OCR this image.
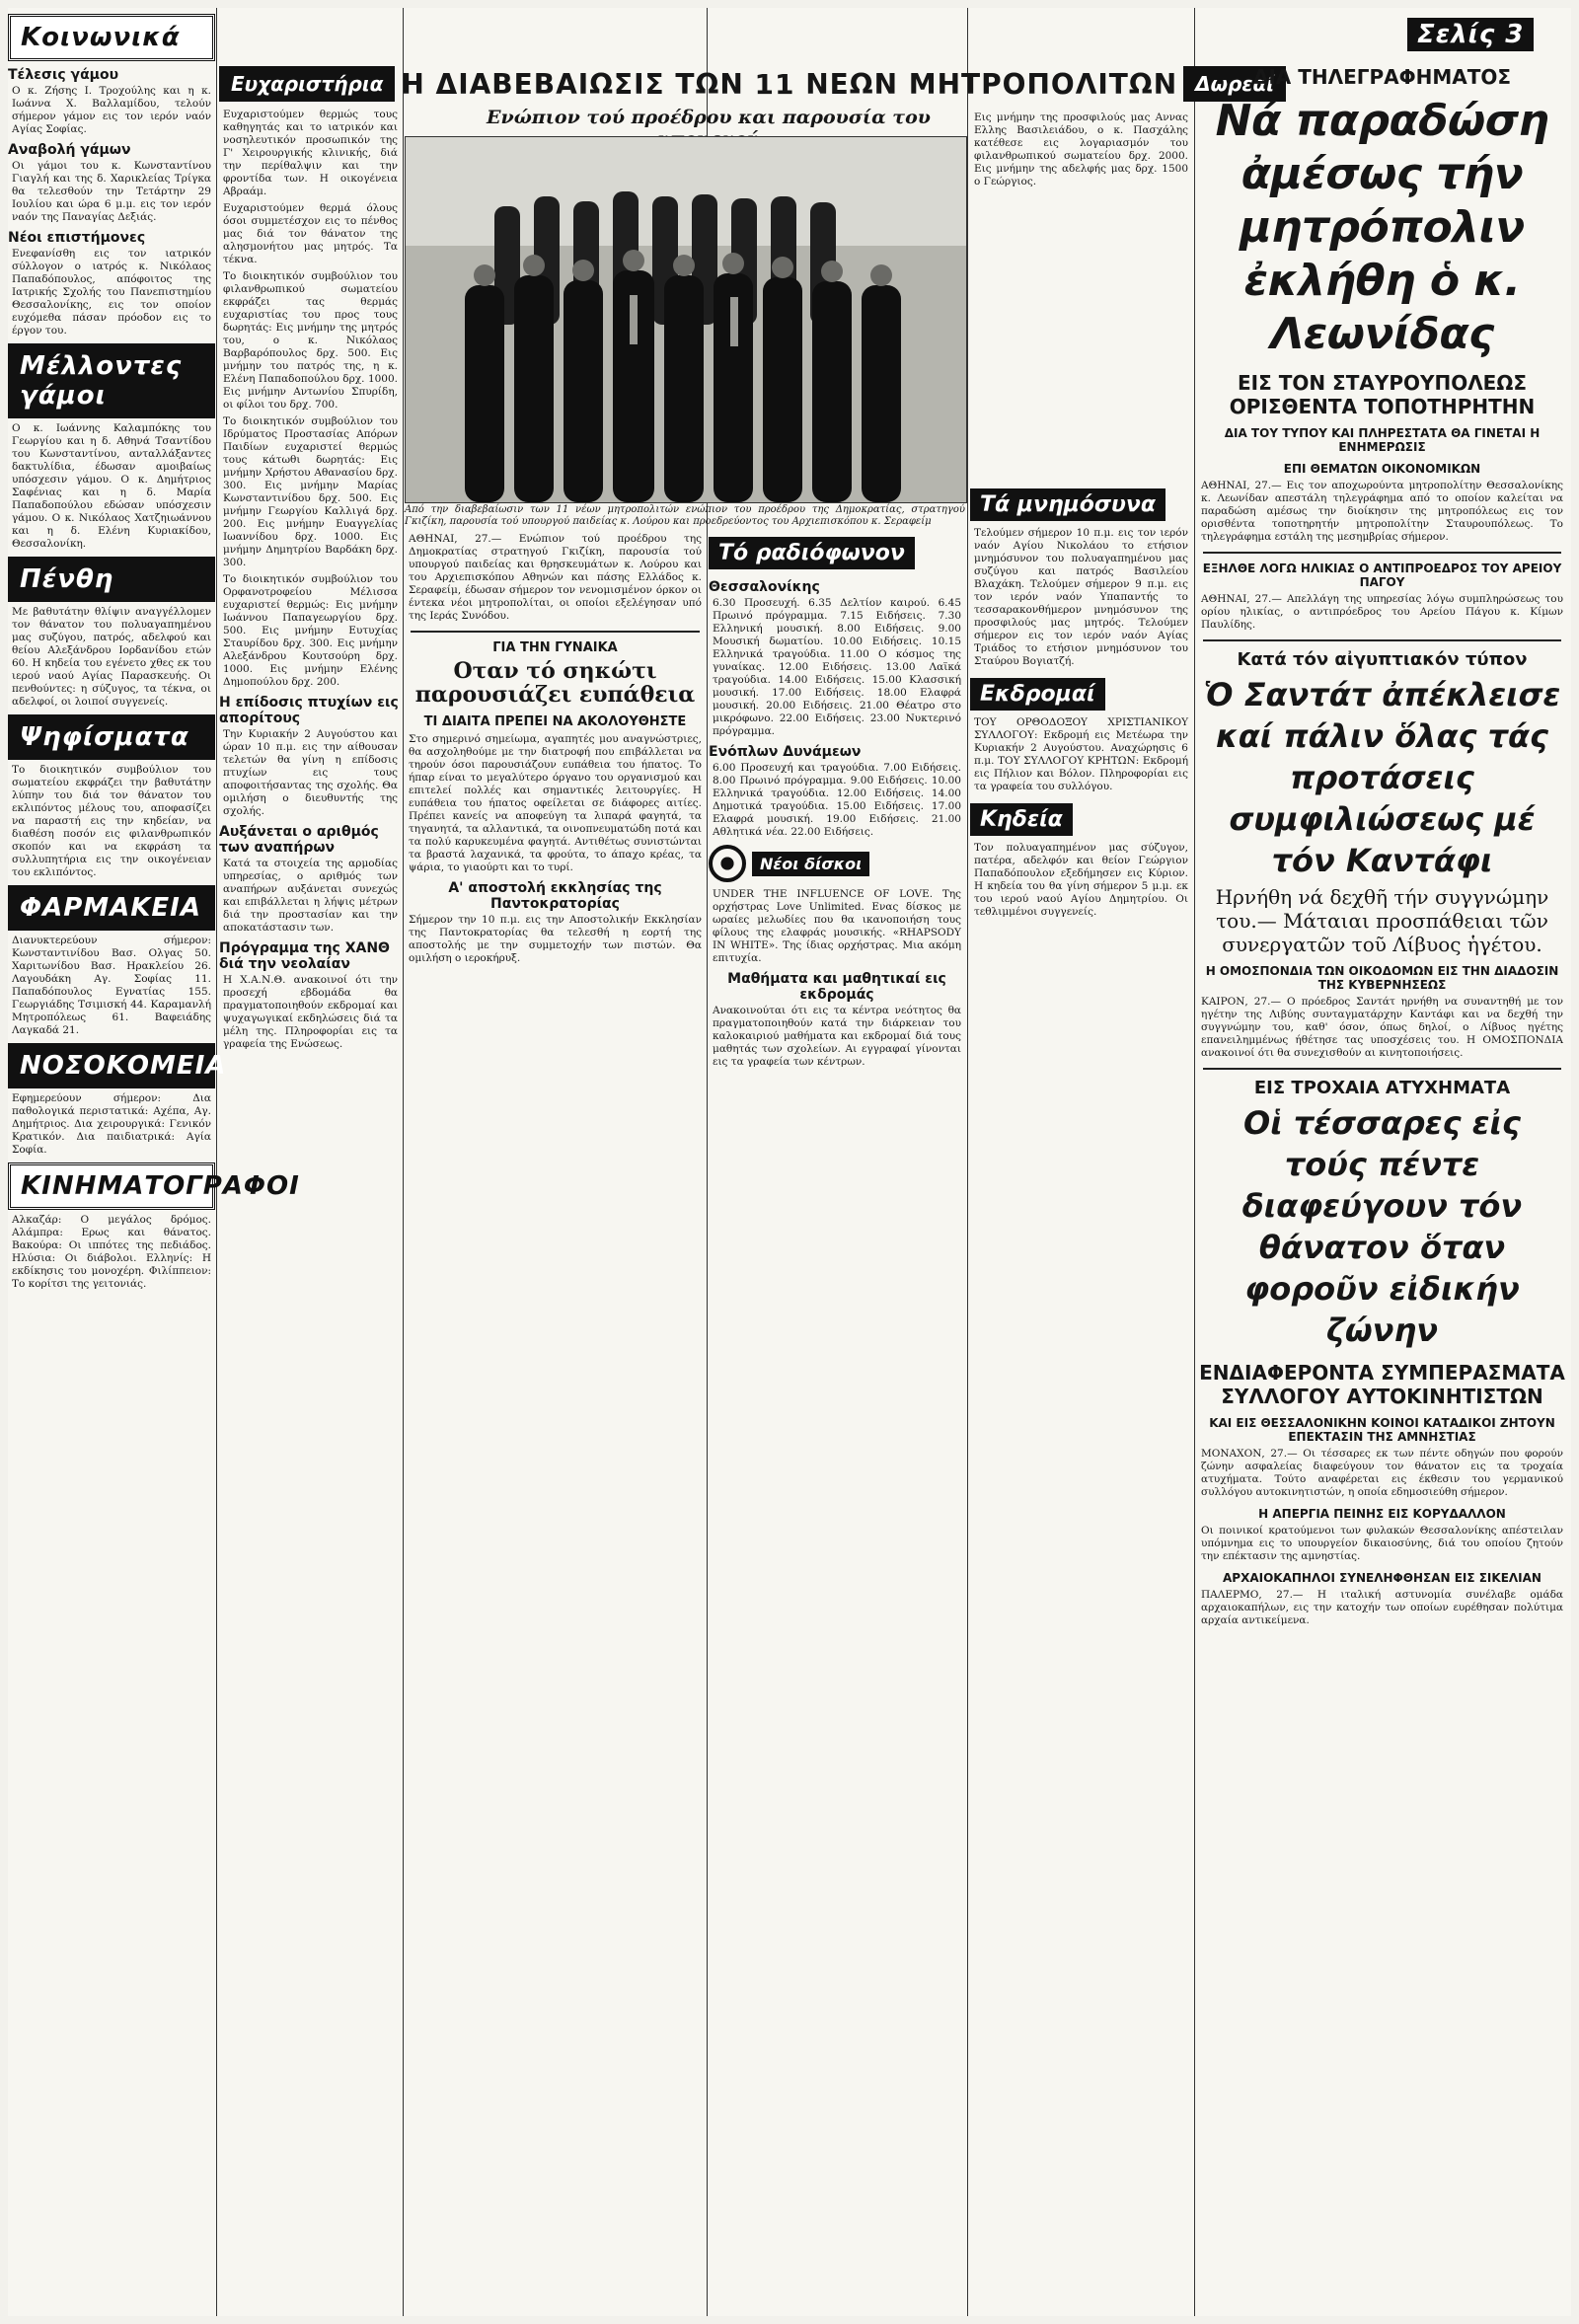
Κοινωνικά
Τέλεσις γάμου
Ο κ. Ζήσης Ι. Τροχούλης και η κ. Ιωάννα Χ. Βαλλαμίδου, τελούν σήμερον γάμον εις τον ιερόν ναόν Αγίας Σοφίας.
Αναβολή γάμων
Οι γάμοι του κ. Κωνσταντίνου Γιαγλή και της δ. Χαρικλείας Τρίγκα θα τελεσθούν την Τετάρτην 29 Ιουλίου και ώρα 6 μ.μ. εις τον ιερόν ναόν της Παναγίας Δεξιάς.
Νέοι επιστήμονες
Ενεφανίσθη εις τον ιατρικόν σύλλογον ο ιατρός κ. Νικόλαος Παπαδόπουλος, απόφοιτος της Ιατρικής Σχολής του Πανεπιστημίου Θεσσαλονίκης, εις τον οποίον ευχόμεθα πάσαν πρόοδον εις το έργον του.
Μέλλοντες γάμοι
Ο κ. Ιωάννης Καλαμπόκης του Γεωργίου και η δ. Αθηνά Τσαντίδου του Κωνσταντίνου, ανταλλάξαντες δακτυλίδια, έδωσαν αμοιβαίως υπόσχεσιν γάμου. Ο κ. Δημήτριος Σαφένιας και η δ. Μαρία Παπαδοπούλου εδώσαν υπόσχεσιν γάμου. Ο κ. Νικόλαος Χατζηιωάννου και η δ. Ελένη Κυριακίδου, Θεσσαλονίκη.
Πένθη
Με βαθυτάτην θλίψιν αναγγέλλομεν τον θάνατον του πολυαγαπημένου μας συζύγου, πατρός, αδελφού και θείου Αλεξάνδρου Ιορδανίδου ετών 60. Η κηδεία του εγένετο χθες εκ του ιερού ναού Αγίας Παρασκευής. Οι πενθούντες: η σύζυγος, τα τέκνα, οι αδελφοί, οι λοιποί συγγενείς.
Ψηφίσματα
Το διοικητικόν συμβούλιον του σωματείου εκφράζει την βαθυτάτην λύπην του διά τον θάνατον του εκλιπόντος μέλους του, αποφασίζει να παραστή εις την κηδείαν, να διαθέση ποσόν εις φιλανθρωπικόν σκοπόν και να εκφράση τα συλλυπητήρια εις την οικογένειαν του εκλιπόντος.
ΦΑΡΜΑΚΕΙΑ
Διανυκτερεύουν σήμερον: Κωνσταντινίδου Βασ. Ολγας 50. Χαριτωνίδου Βασ. Ηρακλείου 26. Λαγουδάκη Αγ. Σοφίας 11. Παπαδόπουλος Εγνατίας 155. Γεωργιάδης Τσιμισκή 44. Καραμανλή Μητροπόλεως 61. Βαφειάδης Λαγκαδά 21.
ΝΟΣΟΚΟΜΕΙΑ
Εφημερεύουν σήμερον: Δια παθολογικά περιστατικά: Αχέπα, Αγ. Δημήτριος. Δια χειρουργικά: Γενικόν Κρατικόν. Δια παιδιατρικά: Αγία Σοφία.
ΚΙΝΗΜΑΤΟΓΡΑΦΟΙ
Αλκαζάρ: Ο μεγάλος δρόμος. Αλάμπρα: Ερως και θάνατος. Βακούρα: Οι ιππότες της πεδιάδος. Ηλύσια: Οι διάβολοι. Ελληνίς: Η εκδίκησις του μονοχέρη. Φιλίππειον: Το κορίτσι της γειτονιάς.
Ευχαριστήρια Η ΔΙΑΒΕΒΑΙΩΣΙΣ ΤΩΝ 11 ΝΕΩΝ ΜΗΤΡΟΠΟΛΙΤΩΝ Δωρεαί
Ενώπιον τού προέδρου και παρουσία του
Ευχαριστούμεν θερμώς τους καθηγητάς και το ιατρικόν και νοσηλευτικόν προσωπικόν της Γ' Χειρουργικής κλινικής, διά την περίθαλψιν και την φροντίδα των. Η οικογένεια Αβραάμ.
Ευχαριστούμεν θερμά όλους όσοι συμμετέσχον εις το πένθος μας διά τον θάνατον της αλησμονήτου μας μητρός. Τα τέκνα.
Το διοικητικόν συμβούλιον του φιλανθρωπικού σωματείου εκφράζει τας θερμάς ευχαριστίας του προς τους δωρητάς: Εις μνήμην της μητρός του, ο κ. Νικόλαος Βαρβαρόπουλος δρχ. 500. Εις μνήμην του πατρός της, η κ. Ελένη Παπαδοπούλου δρχ. 1000. Εις μνήμην Αντωνίου Σπυρίδη, οι φίλοι του δρχ. 700.
Το διοικητικόν συμβούλιον του Ιδρύματος Προστασίας Απόρων Παιδίων ευχαριστεί θερμώς τους κάτωθι δωρητάς: Εις μνήμην Χρήστου Αθανασίου δρχ. 300. Εις μνήμην Μαρίας Κωνσταντινίδου δρχ. 500. Εις μνήμην Γεωργίου Καλλιγά δρχ. 200. Εις μνήμην Ευαγγελίας Ιωαννίδου δρχ. 1000. Εις μνήμην Δημητρίου Βαρδάκη δρχ. 300.
Το διοικητικόν συμβούλιον του Ορφανοτροφείου Μέλισσα ευχαριστεί θερμώς: Εις μνήμην Ιωάννου Παπαγεωργίου δρχ. 500. Εις μνήμην Ευτυχίας Σταυρίδου δρχ. 300. Εις μνήμην Αλεξάνδρου Κουτσούρη δρχ. 1000. Εις μνήμην Ελένης Δημοπούλου δρχ. 200.
Η επίδοσις πτυχίων εις απορίτους
Την Κυριακήν 2 Αυγούστου και ώραν 10 π.μ. εις την αίθουσαν τελετών θα γίνη η επίδοσις πτυχίων εις τους αποφοιτήσαντας της σχολής. Θα ομιλήση ο διευθυντής της σχολής.
Αυξάνεται ο αριθμός των αναπήρων
Κατά τα στοιχεία της αρμοδίας υπηρεσίας, ο αριθμός των αναπήρων αυξάνεται συνεχώς και επιβάλλεται η λήψις μέτρων διά την προστασίαν και την αποκατάστασιν των.
Πρόγραμμα της ΧΑΝΘ διά την νεολαίαν
Η Χ.Α.Ν.Θ. ανακοινοί ότι την προσεχή εβδομάδα θα πραγματοποιηθούν εκδρομαί και ψυχαγωγικαί εκδηλώσεις διά τα μέλη της. Πληροφορίαι εις τα γραφεία της Ενώσεως.
Από την διαβεβαίωσιν των 11 νέων μητροπολιτών ενώπιον του προέδρου της Δημοκρατίας, στρατηγού Γκιζίκη, παρουσία τού υπουργού παιδείας κ. Λούρου και προεδρεύοντος του Αρχιεπισκόπου κ. Σεραφείμ
ΑΘΗΝΑΙ, 27.— Ενώπιον τού προέδρου της Δημοκρατίας στρατηγού Γκιζίκη, παρουσία τού υπουργού παιδείας και θρησκευμάτων κ. Λούρου και του Αρχιεπισκόπου Αθηνών και πάσης Ελλάδος κ. Σεραφείμ, έδωσαν σήμερον τον νενομισμένον όρκον οι έντεκα νέοι μητροπολίται, οι οποίοι εξελέγησαν υπό της Ιεράς Συνόδου.
ΓΙΑ ΤΗΝ ΓΥΝΑΙΚΑ
Οταν τό σηκώτι παρουσιάζει ευπάθεια
ΤΙ ΔΙΑΙΤΑ ΠΡΕΠΕΙ ΝΑ ΑΚΟΛΟΥΘΗΣΤΕ
Στο σημερινό σημείωμα, αγαπητές μου αναγνώστριες, θα ασχοληθούμε με την διατροφή που επιβάλλεται να τηρούν όσοι παρουσιάζουν ευπάθεια του ήπατος. Το ήπαρ είναι το μεγαλύτερο όργανο του οργανισμού και επιτελεί πολλές και σημαντικές λειτουργίες. Η ευπάθεια του ήπατος οφείλεται σε διάφορες αιτίες. Πρέπει κανείς να αποφεύγη τα λιπαρά φαγητά, τα τηγανητά, τα αλλαντικά, τα οινοπνευματώδη ποτά και τα πολύ καρυκευμένα φαγητά. Αντιθέτως συνιστώνται τα βραστά λαχανικά, τα φρούτα, το άπαχο κρέας, τα ψάρια, το γιαούρτι και το τυρί.
Α' αποστολή εκκλησίας της Παντοκρατορίας
Σήμερον την 10 π.μ. εις την Αποστολικήν Εκκλησίαν της Παντοκρατορίας θα τελεσθή η εορτή της αποστολής με την συμμετοχήν των πιστών. Θα ομιλήση ο ιεροκήρυξ.
Τό ραδιόφωνον
Θεσσαλονίκης
6.30 Προσευχή. 6.35 Δελτίον καιρού. 6.45 Πρωινό πρόγραμμα. 7.15 Ειδήσεις. 7.30 Ελληνική μουσική. 8.00 Ειδήσεις. 9.00 Μουσική δωματίου. 10.00 Ειδήσεις. 10.15 Ελληνικά τραγούδια. 11.00 Ο κόσμος της γυναίκας. 12.00 Ειδήσεις. 13.00 Λαϊκά τραγούδια. 14.00 Ειδήσεις. 15.00 Κλασσική μουσική. 17.00 Ειδήσεις. 18.00 Ελαφρά μουσική. 20.00 Ειδήσεις. 21.00 Θέατρο στο μικρόφωνο. 22.00 Ειδήσεις. 23.00 Νυκτερινό πρόγραμμα.
Ενόπλων Δυνάμεων
6.00 Προσευχή και τραγούδια. 7.00 Ειδήσεις. 8.00 Πρωινό πρόγραμμα. 9.00 Ειδήσεις. 10.00 Ελληνικά τραγούδια. 12.00 Ειδήσεις. 14.00 Δημοτικά τραγούδια. 15.00 Ειδήσεις. 17.00 Ελαφρά μουσική. 19.00 Ειδήσεις. 21.00 Αθλητικά νέα. 22.00 Ειδήσεις.
Νέοι δίσκοι
UNDER THE INFLUENCE OF LOVE. Της ορχήστρας Love Unlimited. Ενας δίσκος με ωραίες μελωδίες που θα ικανοποιήση τους φίλους της ελαφράς μουσικής. «RHAPSODY IN WHITE». Της ίδιας ορχήστρας. Μια ακόμη επιτυχία.
Μαθήματα και μαθητικαί εις εκδρομάς
Ανακοινούται ότι εις τα κέντρα νεότητος θα πραγματοποιηθούν κατά την διάρκειαν του καλοκαιριού μαθήματα και εκδρομαί διά τους μαθητάς των σχολείων. Αι εγγραφαί γίνονται εις τα γραφεία των κέντρων.
Εις μνήμην της προσφιλούς μας Αννας Ελλης Βασιλειάδου, ο κ. Πασχάλης κατέθεσε εις λογαριασμόν του φιλανθρωπικού σωματείου δρχ. 2000. Εις μνήμην της αδελφής μας δρχ. 1500 ο Γεώργιος.
Τά μνημόσυνα
Τελούμεν σήμερον 10 π.μ. εις τον ιερόν ναόν Αγίου Νικολάου το ετήσιον μνημόσυνον του πολυαγαπημένου μας συζύγου και πατρός Βασιλείου Βλαχάκη. Τελούμεν σήμερον 9 π.μ. εις τον ιερόν ναόν Υπαπαντής το τεσσαρακονθήμερον μνημόσυνον της προσφιλούς μας μητρός. Τελούμεν σήμερον εις τον ιερόν ναόν Αγίας Τριάδος το ετήσιον μνημόσυνον του Σταύρου Βογιατζή.
Εκδρομαί
ΤΟΥ ΟΡΘΟΔΟΞΟΥ ΧΡΙΣΤΙΑΝΙΚΟΥ ΣΥΛΛΟΓΟΥ: Εκδρομή εις Μετέωρα την Κυριακήν 2 Αυγούστου. Αναχώρησις 6 π.μ. ΤΟΥ ΣΥΛΛΟΓΟΥ ΚΡΗΤΩΝ: Εκδρομή εις Πήλιον και Βόλον. Πληροφορίαι εις τα γραφεία του συλλόγου.
Κηδεία
Τον πολυαγαπημένον μας σύζυγον, πατέρα, αδελφόν και θείον Γεώργιον Παπαδόπουλον εξεδήμησεν εις Κύριον. Η κηδεία του θα γίνη σήμερον 5 μ.μ. εκ του ιερού ναού Αγίου Δημητρίου. Οι τεθλιμμένοι συγγενείς.
Σελίς 3
ΔΙΑ ΤΗΛΕΓΡΑΦΗΜΑΤΟΣ
Νά παραδώση ἀμέσως τήν μητρόπολιν ἐκλήθη ὁ κ. Λεωνίδας
ΕΙΣ ΤΟΝ ΣΤΑΥΡΟΥΠΟΛΕΩΣ ΟΡΙΣΘΕΝΤΑ ΤΟΠΟΤΗΡΗΤΗΝ
ΔΙΑ ΤΟΥ ΤΥΠΟΥ ΚΑΙ ΠΛΗΡΕΣΤΑΤΑ ΘΑ ΓΙΝΕΤΑΙ Η ΕΝΗΜΕΡΩΣΙΣ
ΕΠΙ ΘΕΜΑΤΩΝ ΟΙΚΟΝΟΜΙΚΩΝ
ΑΘΗΝΑΙ, 27.— Εις τον αποχωρούντα μητροπολίτην Θεσσαλονίκης κ. Λεωνίδαν απεστάλη τηλεγράφημα από το οποίον καλείται να παραδώση αμέσως την διοίκησιν της μητροπόλεως εις τον ορισθέντα τοποτηρητήν μητροπολίτην Σταυρουπόλεως. Το τηλεγράφημα εστάλη της μεσημβρίας σήμερον.
ΕΞΗΛΘΕ ΛΟΓΩ ΗΛΙΚΙΑΣ Ο ΑΝΤΙΠΡΟΕΔΡΟΣ ΤΟΥ ΑΡΕΙΟΥ ΠΑΓΟΥ
ΑΘΗΝΑΙ, 27.— Απελλάγη της υπηρεσίας λόγω συμπληρώσεως του ορίου ηλικίας, ο αντιπρόεδρος του Αρείου Πάγου κ. Κίμων Παυλίδης.
Κατά τόν αἰγυπτιακόν τύπον
Ὁ Σαντάτ ἀπέκλεισε καί πάλιν ὅλας τάς προτάσεις συμφιλιώσεως μέ τόν Καντάφι
Ηρνήθη νά δεχθῆ τήν συγγνώμην του.— Μάταιαι προσπάθειαι τῶν συνεργατῶν τοῦ Λίβυος ἡγέτου.
Η ΟΜΟΣΠΟΝΔΙΑ ΤΩΝ ΟΙΚΟΔΟΜΩΝ ΕΙΣ ΤΗΝ ΔΙΑΔΟΣΙΝ ΤΗΣ ΚΥΒΕΡΝΗΣΕΩΣ
ΚΑΙΡΟΝ, 27.— Ο πρόεδρος Σαντάτ ηρνήθη να συναντηθή με τον ηγέτην της Λιβύης συνταγματάρχην Καντάφι και να δεχθή την συγγνώμην του, καθ' όσον, όπως δηλοί, ο Λίβυος ηγέτης επανειλημμένως ήθέτησε τας υποσχέσεις του. Η ΟΜΟΣΠΟΝΔΙΑ ανακοινοί ότι θα συνεχισθούν αι κινητοποιήσεις.
ΕΙΣ ΤΡΟΧΑΙΑ ΑΤΥΧΗΜΑΤΑ
Οἱ τέσσαρες εἰς τούς πέντε διαφεύγουν τόν θάνατον ὅταν φοροῦν εἰδικήν ζώνην
ΕΝΔΙΑΦΕΡΟΝΤΑ ΣΥΜΠΕΡΑΣΜΑΤΑ ΣΥΛΛΟΓΟΥ ΑΥΤΟΚΙΝΗΤΙΣΤΩΝ
ΚΑΙ ΕΙΣ ΘΕΣΣΑΛΟΝΙΚΗΝ ΚΟΙΝΟΙ ΚΑΤΑΔΙΚΟΙ ΖΗΤΟΥΝ ΕΠΕΚΤΑΣΙΝ ΤΗΣ ΑΜΝΗΣΤΙΑΣ
ΜΟΝΑΧΟΝ, 27.— Οι τέσσαρες εκ των πέντε οδηγών που φορούν ζώνην ασφαλείας διαφεύγουν τον θάνατον εις τα τροχαία ατυχήματα. Τούτο αναφέρεται εις έκθεσιν του γερμανικού συλλόγου αυτοκινητιστών, η οποία εδημοσιεύθη σήμερον.
Η ΑΠΕΡΓΙΑ ΠΕΙΝΗΣ ΕΙΣ ΚΟΡΥΔΑΛΛΟΝ
Οι ποινικοί κρατούμενοι των φυλακών Θεσσαλονίκης απέστειλαν υπόμνημα εις το υπουργείον δικαιοσύνης, διά του οποίου ζητούν την επέκτασιν της αμνηστίας.
ΑΡΧΑΙΟΚΑΠΗΛΟΙ ΣΥΝΕΛΗΦΘΗΣΑΝ ΕΙΣ ΣΙΚΕΛΙΑΝ
ΠΑΛΕΡΜΟ, 27.— Η ιταλική αστυνομία συνέλαβε ομάδα αρχαιοκαπήλων, εις την κατοχήν των οποίων ευρέθησαν πολύτιμα αρχαία αντικείμενα.
